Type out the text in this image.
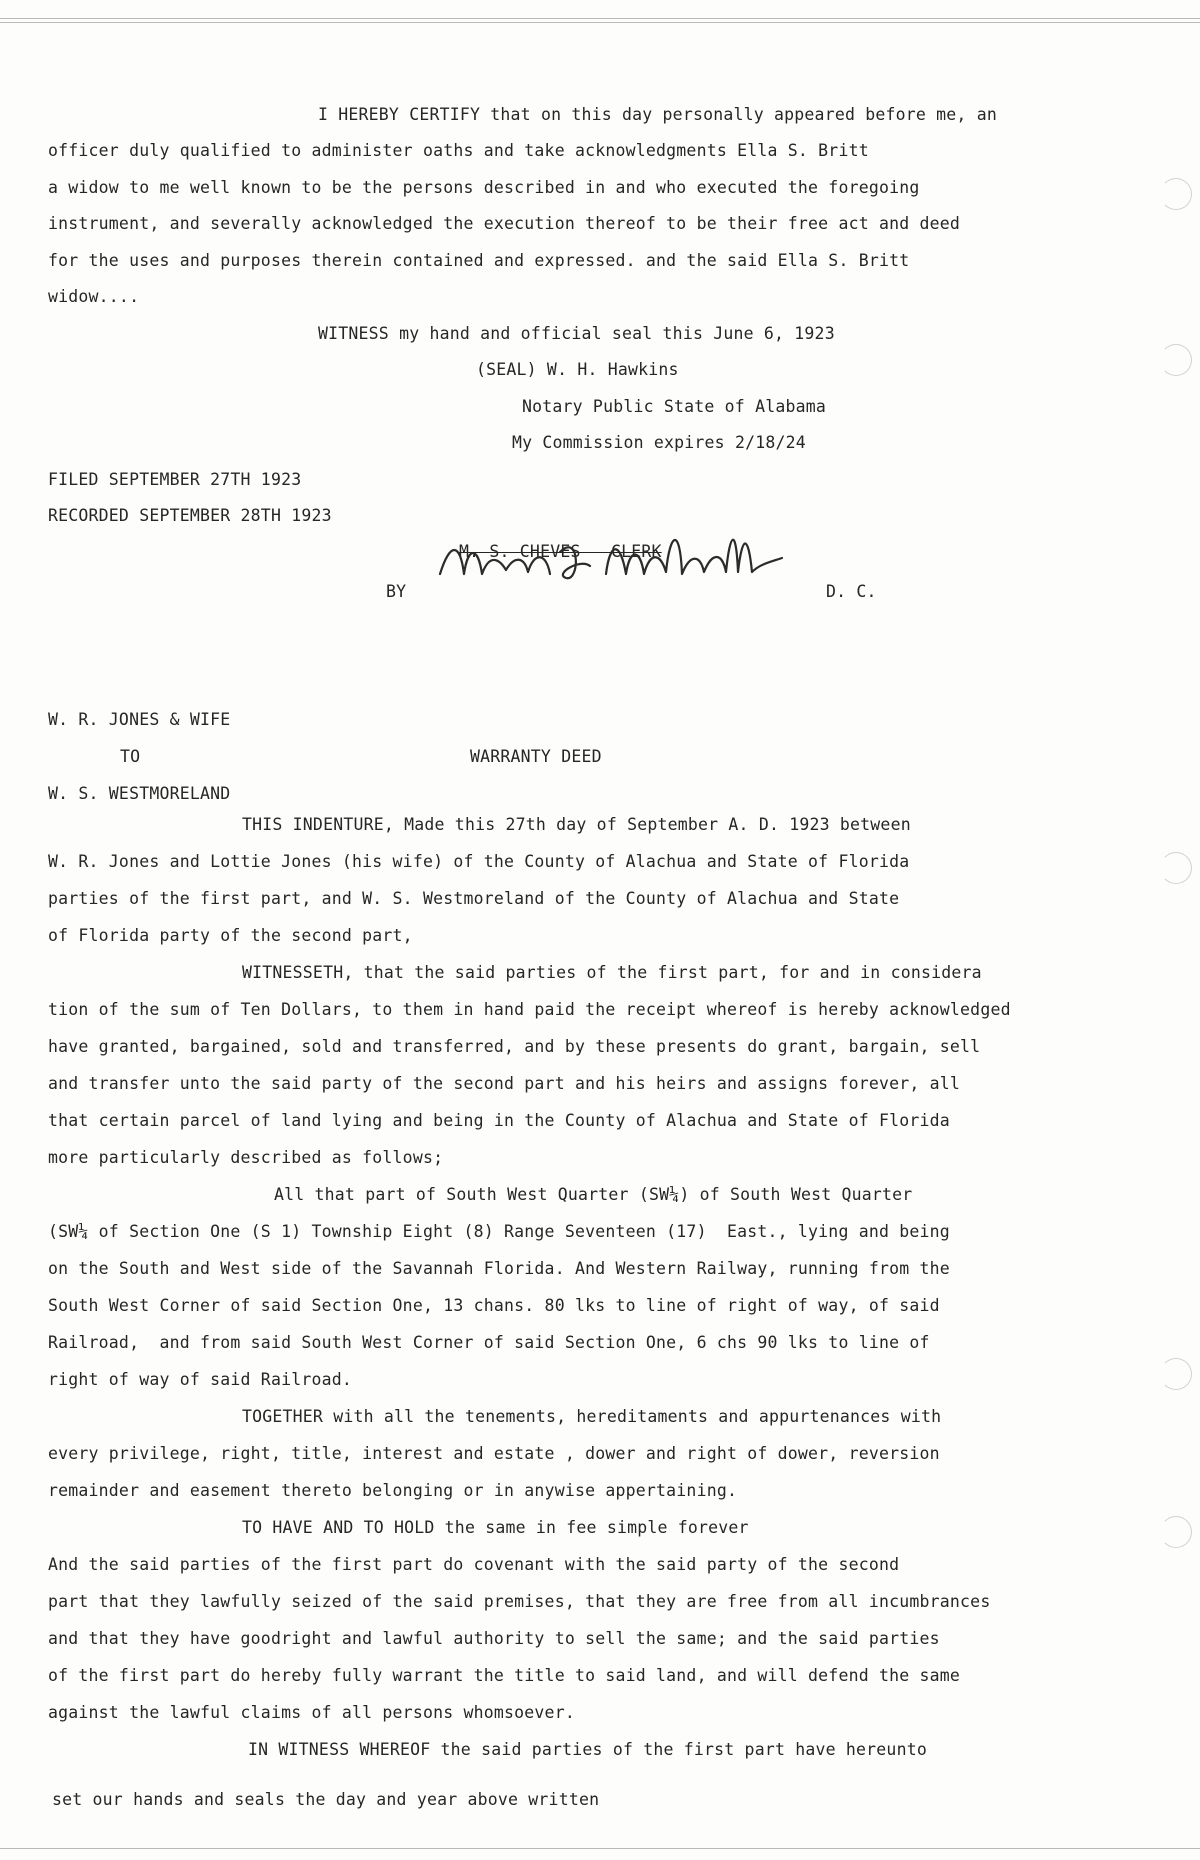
I HEREBY CERTIFY that on this day personally appeared before me, an
officer duly qualified to administer oaths and take acknowledgments Ella S. Britt
a widow to me well known to be the persons described in and who executed the foregoing
instrument, and severally acknowledged the execution thereof to be their free act and deed
for the uses and purposes therein contained and expressed. and the said Ella S. Britt
widow....
WITNESS my hand and official seal this June 6, 1923
(SEAL) W. H. Hawkins
Notary Public State of Alabama
My Commission expires 2/18/24
FILED SEPTEMBER 27TH 1923
RECORDED SEPTEMBER 28TH 1923
M. S. CHEVES   CLERK
BY	D. C.
W. R. JONES & WIFE
TO	WARRANTY DEED
W. S. WESTMORELAND
THIS INDENTURE, Made this 27th day of September A. D. 1923 between
W. R. Jones and Lottie Jones (his wife) of the County of Alachua and State of Florida
parties of the first part, and W. S. Westmoreland of the County of Alachua and State
of Florida party of the second part,
WITNESSETH, that the said parties of the first part, for and in considera
tion of the sum of Ten Dollars, to them in hand paid the receipt whereof is hereby acknowledged
have granted, bargained, sold and transferred, and by these presents do grant, bargain, sell
and transfer unto the said party of the second part and his heirs and assigns forever, all
that certain parcel of land lying and being in the County of Alachua and State of Florida
more particularly described as follows;
All that part of South West Quarter (SW¼) of South West Quarter
(SW¼ of Section One (S 1) Township Eight (8) Range Seventeen (17)  East., lying and being
on the South and West side of the Savannah Florida. And Western Railway, running from the
South West Corner of said Section One, 13 chans. 80 lks to line of right of way, of said
Railroad,  and from said South West Corner of said Section One, 6 chs 90 lks to line of
right of way of said Railroad.
TOGETHER with all the tenements, hereditaments and appurtenances with
every privilege, right, title, interest and estate , dower and right of dower, reversion
remainder and easement thereto belonging or in anywise appertaining.
TO HAVE AND TO HOLD the same in fee simple forever
And the said parties of the first part do covenant with the said party of the second
part that they lawfully seized of the said premises, that they are free from all incumbrances
and that they have goodright and lawful authority to sell the same; and the said parties
of the first part do hereby fully warrant the title to said land, and will defend the same
against the lawful claims of all persons whomsoever.
IN WITNESS WHEREOF the said parties of the first part have hereunto
set our hands and seals the day and year above written
